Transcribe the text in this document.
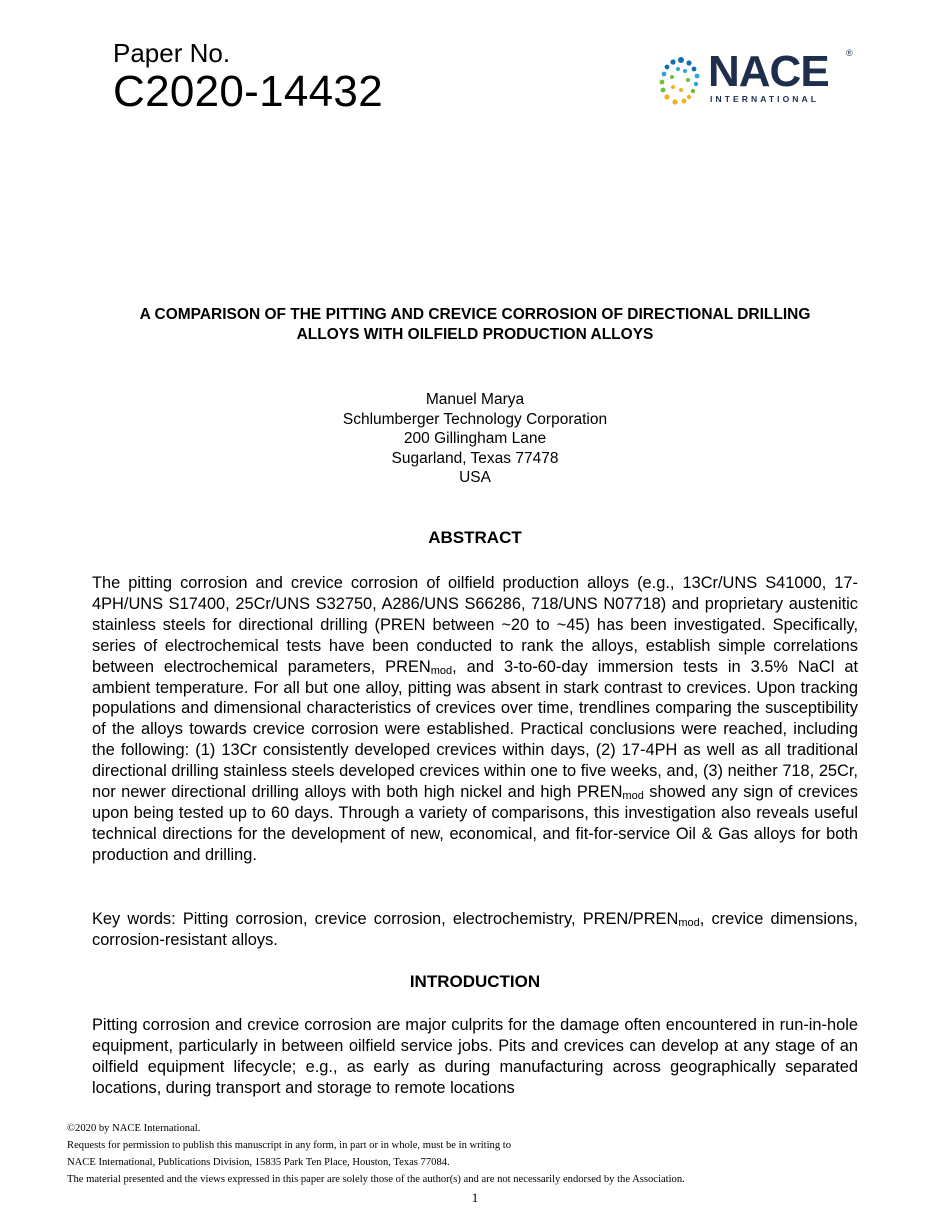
Paper No.
C2020-14432	NACE ®
INTERNATIONAL
A COMPARISON OF THE PITTING AND CREVICE CORROSION OF DIRECTIONAL DRILLING
ALLOYS WITH OILFIELD PRODUCTION ALLOYS
Manuel Marya
Schlumberger Technology Corporation
200 Gillingham Lane
Sugarland, Texas 77478
USA
ABSTRACT
The pitting corrosion and crevice corrosion of oilfield production alloys (e.g., 13Cr/UNS S41000, 17-4PH/UNS S17400, 25Cr/UNS S32750, A286/UNS S66286, 718/UNS N07718) and proprietary austenitic stainless steels for directional drilling (PREN between ~20 to ~45) has been investigated. Specifically, series of electrochemical tests have been conducted to rank the alloys, establish simple correlations between electrochemical parameters, $PREN_{mod}$, and 3-to-60-day immersion tests in 3.5% NaCl at ambient temperature. For all but one alloy, pitting was absent in stark contrast to crevices. Upon tracking populations and dimensional characteristics of crevices over time, trendlines comparing the susceptibility of the alloys towards crevice corrosion were established. Practical conclusions were reached, including the following: (1) 13Cr consistently developed crevices within days, (2) 17-4PH as well as all traditional directional drilling stainless steels developed crevices within one to five weeks, and, (3) neither 718, 25Cr, nor newer directional drilling alloys with both high nickel and high $PREN_{mod}$ showed any sign of crevices upon being tested up to 60 days. Through a variety of comparisons, this investigation also reveals useful technical directions for the development of new, economical, and fit-for-service Oil & Gas alloys for both production and drilling.
Key words: Pitting corrosion, crevice corrosion, electrochemistry, PREN/$PREN_{mod}$, crevice dimensions, corrosion-resistant alloys.
INTRODUCTION
Pitting corrosion and crevice corrosion are major culprits for the damage often encountered in run-in-hole equipment, particularly in between oilfield service jobs. Pits and crevices can develop at any stage of an oilfield equipment lifecycle; e.g., as early as during manufacturing across geographically separated locations, during transport and storage to remote locations
©2020 by NACE International.
Requests for permission to publish this manuscript in any form, in part or in whole, must be in writing to
NACE International, Publications Division, 15835 Park Ten Place, Houston, Texas 77084.
The material presented and the views expressed in this paper are solely those of the author(s) and are not necessarily endorsed by the Association.
1
